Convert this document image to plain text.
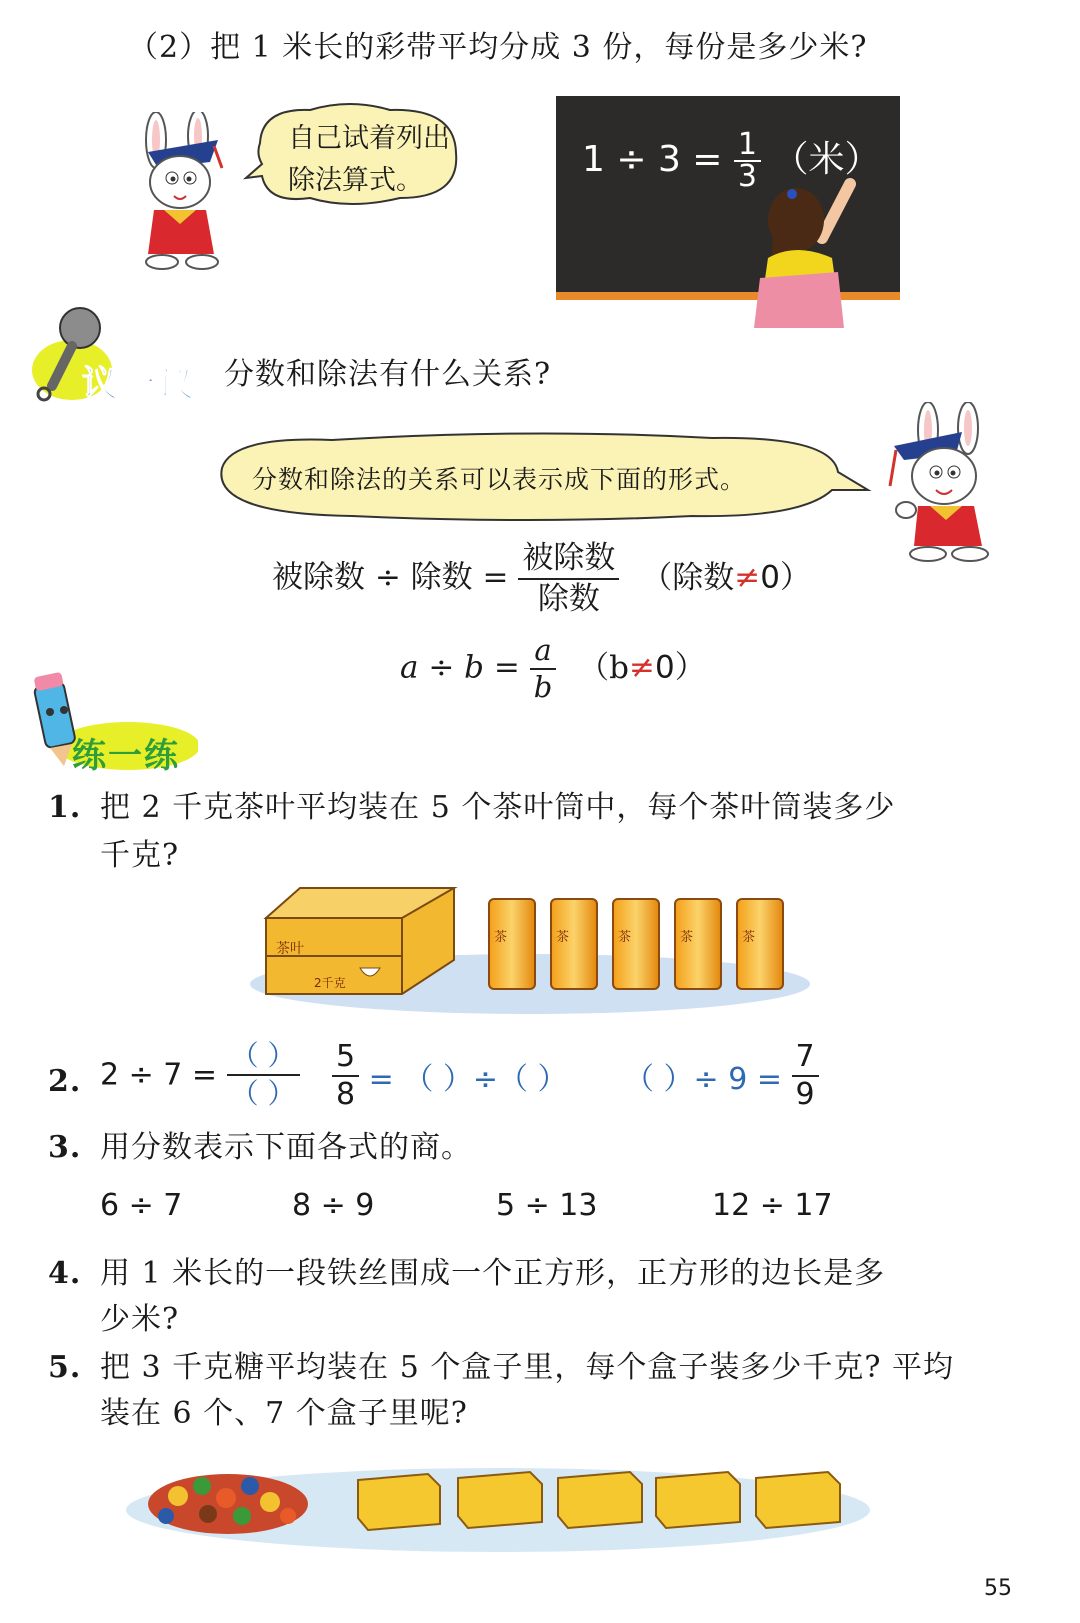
（2）把 1 米长的彩带平均分成 3 份，每份是多少米?
自己试着列出
除法算式。
$1 \div 3 = \frac{1}{3}$ （米）
议一议 分数和除法有什么关系?
分数和除法的关系可以表示成下面的形式。
被除数 ÷ 除数 = $\frac{\text{被除数}}{\text{除数}}$ （除数≠0）
$a \div b = \frac{a}{b} (b\ne 0)$
练一练
1. 把 2 千克茶叶平均装在 5 个茶叶筒中，每个茶叶筒装多少
千克?
茶叶
2千克
茶	茶	茶	茶	茶
2. $2 \div 7 = \frac{( )}{( )} \frac{5}{8}$ = （ ）÷（ ） （ ）÷ $9 = \frac{7}{9}$
3. 用分数表示下面各式的商。
6 ÷ 7	8 ÷ 9	5 ÷ 13	12 ÷ 17
4. 用 1 米长的一段铁丝围成一个正方形，正方形的边长是多
少米?
5. 把 3 千克糖平均装在 5 个盒子里，每个盒子装多少千克? 平均
装在 6 个、7 个盒子里呢?
55
